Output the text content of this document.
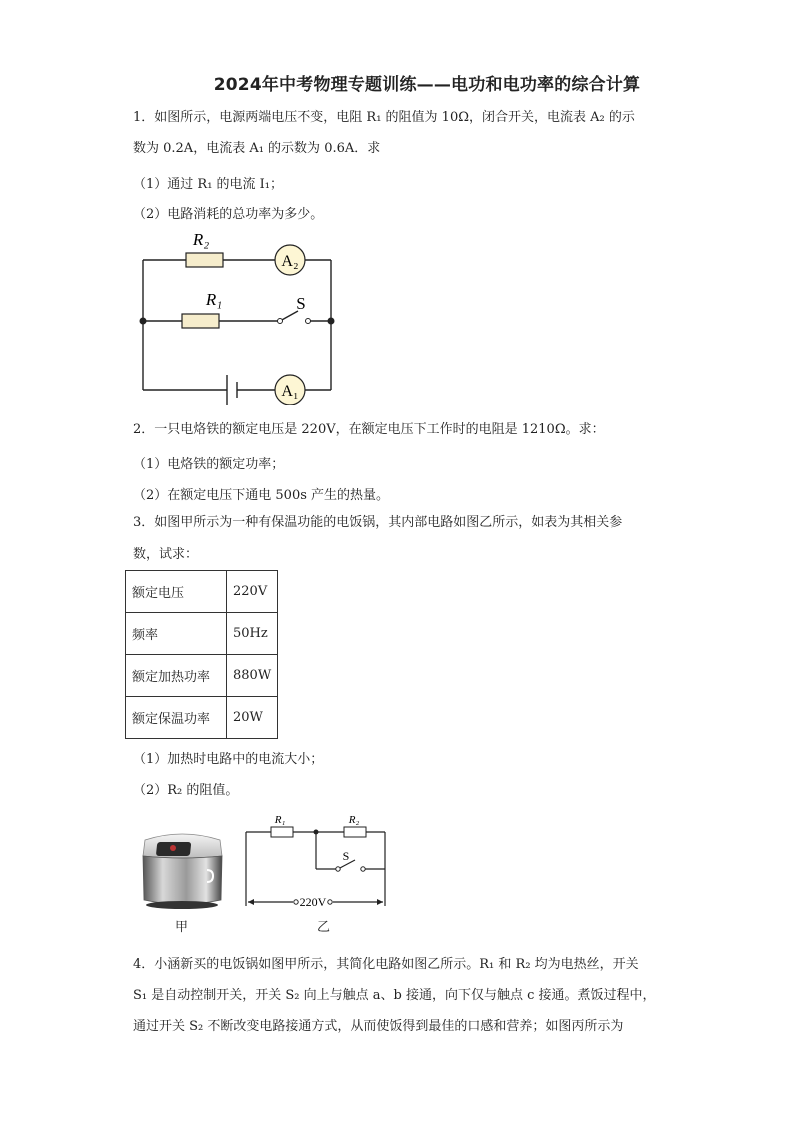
2024年中考物理专题训练——电功和电功率的综合计算
1．如图所示，电源两端电压不变，电阻 R₁ 的阻值为 10Ω，闭合开关，电流表 A₂ 的示
数为 0.2A，电流表 A₁ 的示数为 0.6A．求
（1）通过 R₁ 的电流 I₁；
（2）电路消耗的总功率为多少。
R₂
R₁	S
A₂
A₁
2．一只电烙铁的额定电压是 220V，在额定电压下工作时的电阻是 1210Ω。求：
（1）电烙铁的额定功率；
（2）在额定电压下通电 500s 产生的热量。
3．如图甲所示为一种有保温功能的电饭锅，其内部电路如图乙所示，如表为其相关参
数，试求：
额定电压	220V
频率	50Hz
额定加热功率	880W
额定保温功率	20W
（1）加热时电路中的电流大小；
（2）R₂ 的阻值。
甲
R₁	R₂
S
220V
乙
4．小涵新买的电饭锅如图甲所示，其简化电路如图乙所示。R₁ 和 R₂ 均为电热丝，开关
S₁ 是自动控制开关，开关 S₂ 向上与触点 a、b 接通，向下仅与触点 c 接通。煮饭过程中，
通过开关 S₂ 不断改变电路接通方式，从而使饭得到最佳的口感和营养；如图丙所示为
